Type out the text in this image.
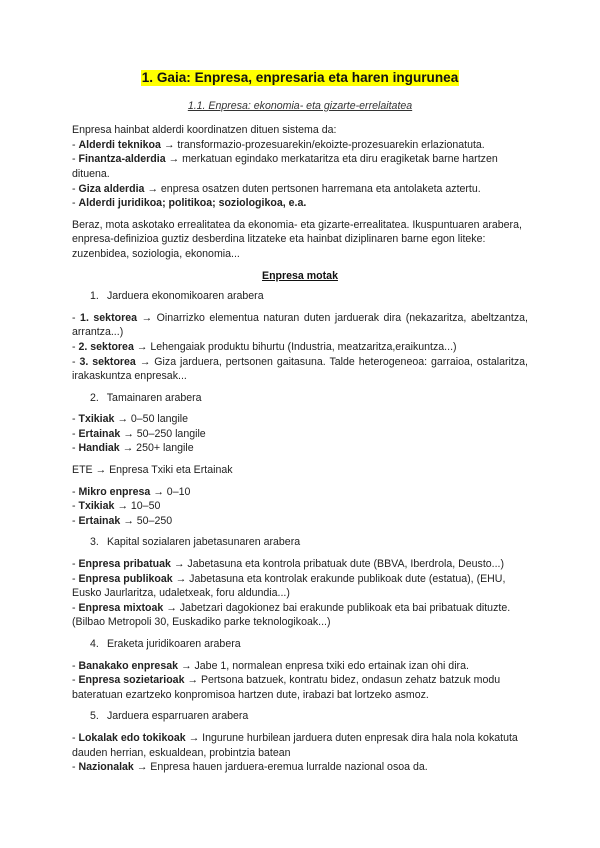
1. Gaia: Enpresa, enpresaria eta haren ingurunea
1.1. Enpresa: ekonomia- eta gizarte-errelaitatea

Enpresa hainbat alderdi koordinatzen dituen sistema da:
- Alderdi teknikoa → transformazio-prozesuarekin/ekoizte-prozesuarekin erlazionatuta.
- Finantza-alderdia → merkatuan egindako merkataritza eta diru eragiketak barne hartzen dituena.
- Giza alderdia → enpresa osatzen duten pertsonen harremana eta antolaketa aztertu.
- Alderdi juridikoa; politikoa; soziologikoa, e.a.

Beraz, mota askotako errealitatea da ekonomia- eta gizarte-errealitatea. Ikuspuntuaren arabera, enpresa-definizioa guztiz desberdina litzateke eta hainbat diziplinaren barne egon liteke: zuzenbidea, soziologia, ekonomia...

Enpresa motak
1. Jarduera ekonomikoaren arabera

- 1. sektorea → Oinarrizko elementua naturan duten jarduerak dira (nekazaritza, abeltzantza, arrantza...)
- 2. sektorea → Lehengaiak produktu bihurtu (Industria, meatzaritza,eraikuntza...)
- 3. sektorea → Giza jarduera, pertsonen gaitasuna. Talde heterogeneoa: garraioa, ostalaritza, irakaskuntza enpresak...

2. Tamainaren arabera

- Txikiak → 0–50 langile
- Ertainak → 50–250 langile
- Handiak → 250+ langile

ETE → Enpresa Txiki eta Ertainak

- Mikro enpresa → 0–10
- Txikiak → 10–50
- Ertainak → 50–250

3. Kapital sozialaren jabetasunaren arabera

- Enpresa pribatuak → Jabetasuna eta kontrola pribatuak dute (BBVA, Iberdrola, Deusto...)
- Enpresa publikoak → Jabetasuna eta kontrolak erakunde publikoak dute (estatua), (EHU, Eusko Jaurlaritza, udaletxeak, foru aldundia...)
- Enpresa mixtoak → Jabetzari dagokionez bai erakunde publikoak eta bai pribatuak dituzte. (Bilbao Metropoli 30, Euskadiko parke teknologikoak...)

4. Eraketa juridikoaren arabera

- Banakako enpresak → Jabe 1, normalean enpresa txiki edo ertainak izan ohi dira.
- Enpresa sozietarioak → Pertsona batzuek, kontratu bidez, ondasun zehatz batzuk modu bateratuan ezartzeko konpromisoa hartzen dute, irabazi bat lortzeko asmoz.

5. Jarduera esparruaren arabera

- Lokalak edo tokikoak → Ingurune hurbilean jarduera duten enpresak dira hala nola kokatuta dauden herrian, eskualdean, probintzia batean
- Nazionalak → Enpresa hauen jarduera-eremua lurralde nazional osoa da.
